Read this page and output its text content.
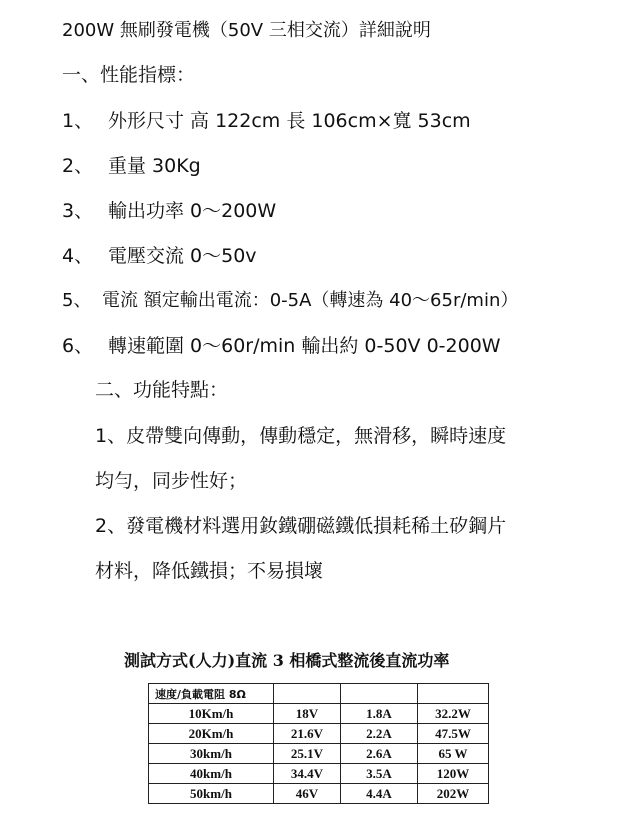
200W 無刷發電機（50V 三相交流）詳細說明
一、性能指標：
1、 外形尺寸 高 122cm 長 106cm×寬 53cm
2、 重量 30Kg
3、 輸出功率 0～200W
4、 電壓交流 0～50v
5、 電流 額定輸出電流：0-5A（轉速為 40～65r/min）
6、 轉速範圍 0～60r/min 輸出約 0-50V 0-200W
二、功能特點：
1、皮帶雙向傳動，傳動穩定，無滑移，瞬時速度
均勻，同步性好；
2、發電機材料選用釹鐵硼磁鐵低損耗稀土矽鋼片
材料，降低鐵損；不易損壞
測試方式(人力)直流 3 相橋式整流後直流功率
速度/負載電阻 8Ω			
10Km/h	18V	1.8A	32.2W
20Km/h	21.6V	2.2A	47.5W
30km/h	25.1V	2.6A	65 W
40km/h	34.4V	3.5A	120W
50km/h	46V	4.4A	202W
